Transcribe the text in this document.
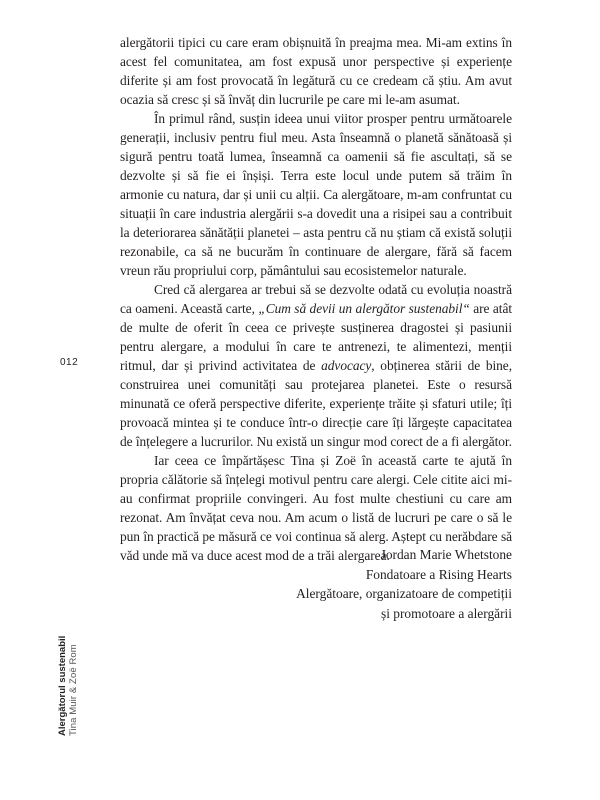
alergătorii tipici cu care eram obișnuită în preajma mea. Mi-am extins în acest fel comunitatea, am fost expusă unor perspective și experiențe diferite și am fost provocată în legătură cu ce credeam că știu. Am avut ocazia să cresc și să învăț din lucrurile pe care mi le-am asumat.

În primul rând, susțin ideea unui viitor prosper pentru următoarele generații, inclusiv pentru fiul meu. Asta înseamnă o planetă sănătoasă și sigură pentru toată lumea, înseamnă ca oamenii să fie ascultați, să se dezvolte și să fie ei înșiși. Terra este locul unde putem să trăim în armonie cu natura, dar și unii cu alții. Ca alergătoare, m-am confruntat cu situații în care industria alergării s-a dovedit una a risipei sau a contribuit la deteriorarea sănătății planetei – asta pentru că nu știam că există soluții rezonabile, ca să ne bucurăm în continuare de alergare, fără să facem vreun rău propriului corp, pământului sau ecosistemelor naturale.

Cred că alergarea ar trebui să se dezvolte odată cu evoluția noastră ca oameni. Această carte, „Cum să devii un alergător sustenabil“ are atât de multe de oferit în ceea ce privește susținerea dragostei și pasiunii pentru alergare, a modului în care te antrenezi, te alimentezi, menții ritmul, dar și privind activitatea de advocacy, obținerea stării de bine, construirea unei comunități sau protejarea planetei. Este o resursă minunată ce oferă perspective diferite, experiențe trăite și sfaturi utile; îți provoacă mintea și te conduce într-o direcție care îți lărgește capacitatea de înțelegere a lucrurilor. Nu există un singur mod corect de a fi alergător.

Iar ceea ce împărtășesc Tina și Zoë în această carte te ajută în propria călătorie să înțelegi motivul pentru care alergi. Cele citite aici mi-au confirmat propriile convingeri. Au fost multe chestiuni cu care am rezonat. Am învățat ceva nou. Am acum o listă de lucruri pe care o să le pun în practică pe măsură ce voi continua să alerg. Aștept cu nerăbdare să văd unde mă va duce acest mod de a trăi alergarea.

Jordan Marie Whetstone
Fondatoare a Rising Hearts
Alergătoare, organizatoare de competiții
și promotoare a alergării
012
Alergătorul sustenabil Tina Muir & Zoë Rom
